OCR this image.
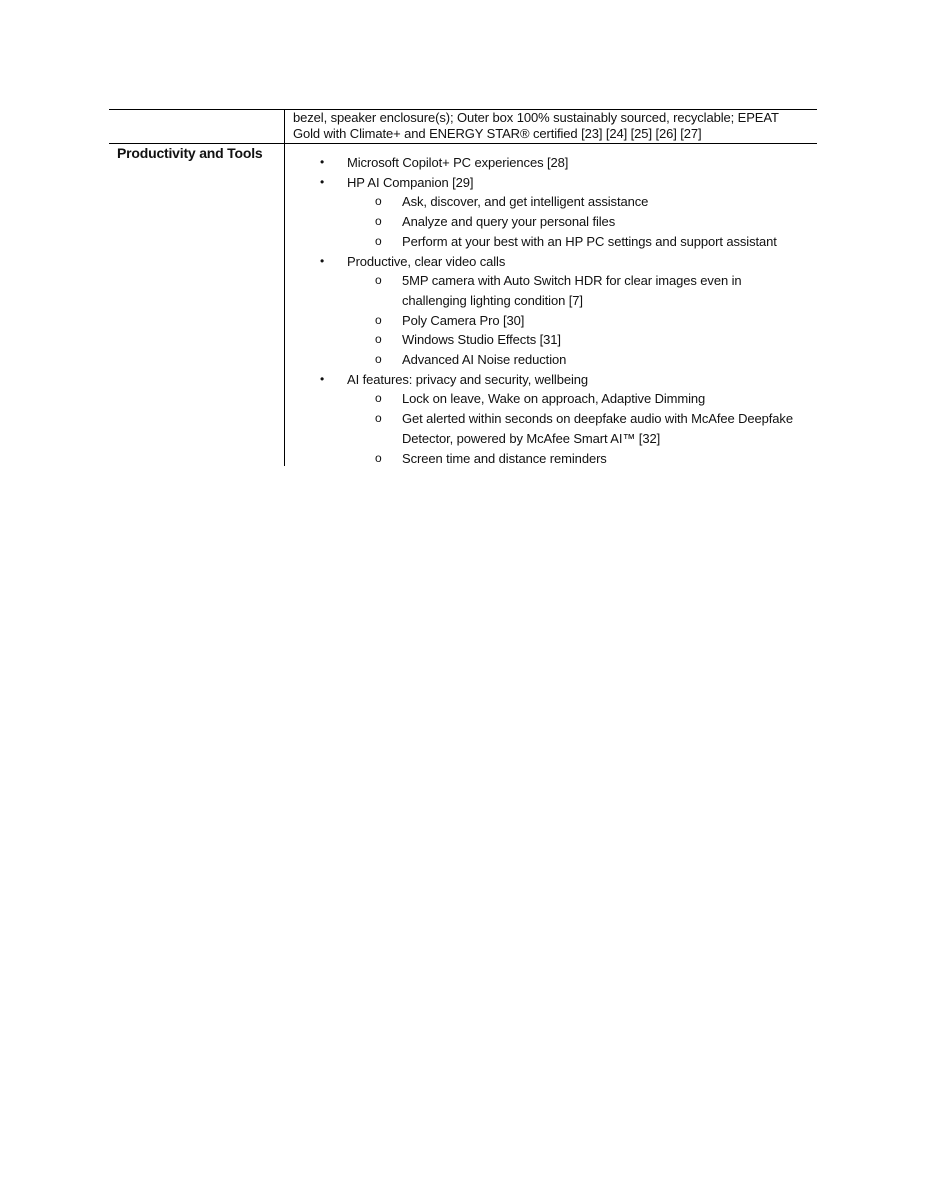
bezel, speaker enclosure(s); Outer box 100% sustainably sourced, recyclable; EPEAT Gold with Climate+ and ENERGY STAR® certified [23] [24] [25] [26] [27]
Productivity and Tools
• Microsoft Copilot+ PC experiences [28]
• HP AI Companion [29]
o Ask, discover, and get intelligent assistance
o Analyze and query your personal files
o Perform at your best with an HP PC settings and support assistant
• Productive, clear video calls
o 5MP camera with Auto Switch HDR for clear images even in challenging lighting condition [7]
o Poly Camera Pro [30]
o Windows Studio Effects [31]
o Advanced AI Noise reduction
• AI features: privacy and security, wellbeing
o Lock on leave, Wake on approach, Adaptive Dimming
o Get alerted within seconds on deepfake audio with McAfee Deepfake Detector, powered by McAfee Smart AI™ [32]
o Screen time and distance reminders
